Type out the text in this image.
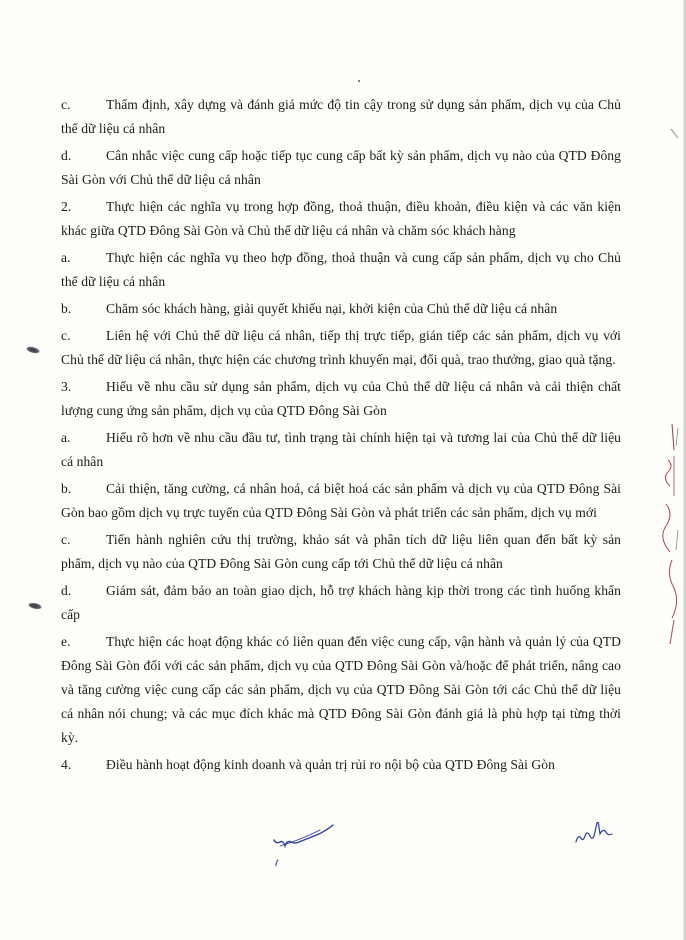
c.	Thẩm định, xây dựng và đánh giá mức độ tin cậy trong sử dụng sản phẩm, dịch vụ của Chủ thể dữ liệu cá nhân

d.	Cân nhắc việc cung cấp hoặc tiếp tục cung cấp bất kỳ sản phẩm, dịch vụ nào của QTD Đông Sài Gòn với Chủ thể dữ liệu cá nhân

2.	Thực hiện các nghĩa vụ trong hợp đồng, thoả thuận, điều khoản, điều kiện và các văn kiện khác giữa QTD Đông Sài Gòn và Chủ thể dữ liệu cá nhân và chăm sóc khách hàng

a.	Thực hiện các nghĩa vụ theo hợp đồng, thoả thuận và cung cấp sản phẩm, dịch vụ cho Chủ thể dữ liệu cá nhân

b.	Chăm sóc khách hàng, giải quyết khiếu nại, khởi kiện của Chủ thể dữ liệu cá nhân

c.	Liên hệ với Chủ thể dữ liệu cá nhân, tiếp thị trực tiếp, gián tiếp các sản phẩm, dịch vụ với Chủ thể dữ liệu cá nhân, thực hiện các chương trình khuyến mại, đổi quà, trao thưởng, giao quà tặng.

3.	Hiểu về nhu cầu sử dụng sản phẩm, dịch vụ của Chủ thể dữ liệu cá nhân và cải thiện chất lượng cung ứng sản phẩm, dịch vụ của QTD Đông Sài Gòn

a.	Hiểu rõ hơn về nhu cầu đầu tư, tình trạng tài chính hiện tại và tương lai của Chủ thể dữ liệu cá nhân

b.	Cải thiện, tăng cường, cá nhân hoá, cá biệt hoá các sản phẩm và dịch vụ của QTD Đông Sài Gòn bao gồm dịch vụ trực tuyến của QTD Đông Sài Gòn và phát triển các sản phẩm, dịch vụ mới

c.	Tiến hành nghiên cứu thị trường, khảo sát và phân tích dữ liệu liên quan đến bất kỳ sản phẩm, dịch vụ nào của QTD Đông Sài Gòn cung cấp tới Chủ thể dữ liệu cá nhân

d.	Giám sát, đảm bảo an toàn giao dịch, hỗ trợ khách hàng kịp thời trong các tình huống khẩn cấp

e.	Thực hiện các hoạt động khác có liên quan đến việc cung cấp, vận hành và quản lý của QTD Đông Sài Gòn đối với các sản phẩm, dịch vụ của QTD Đông Sài Gòn và/hoặc để phát triển, nâng cao và tăng cường việc cung cấp các sản phẩm, dịch vụ của QTD Đông Sài Gòn tới các Chủ thể dữ liệu cá nhân nói chung; và các mục đích khác mà QTD Đông Sài Gòn đánh giá là phù hợp tại từng thời kỳ.

4.	Điều hành hoạt động kinh doanh và quản trị rủi ro nội bộ của QTD Đông Sài Gòn
